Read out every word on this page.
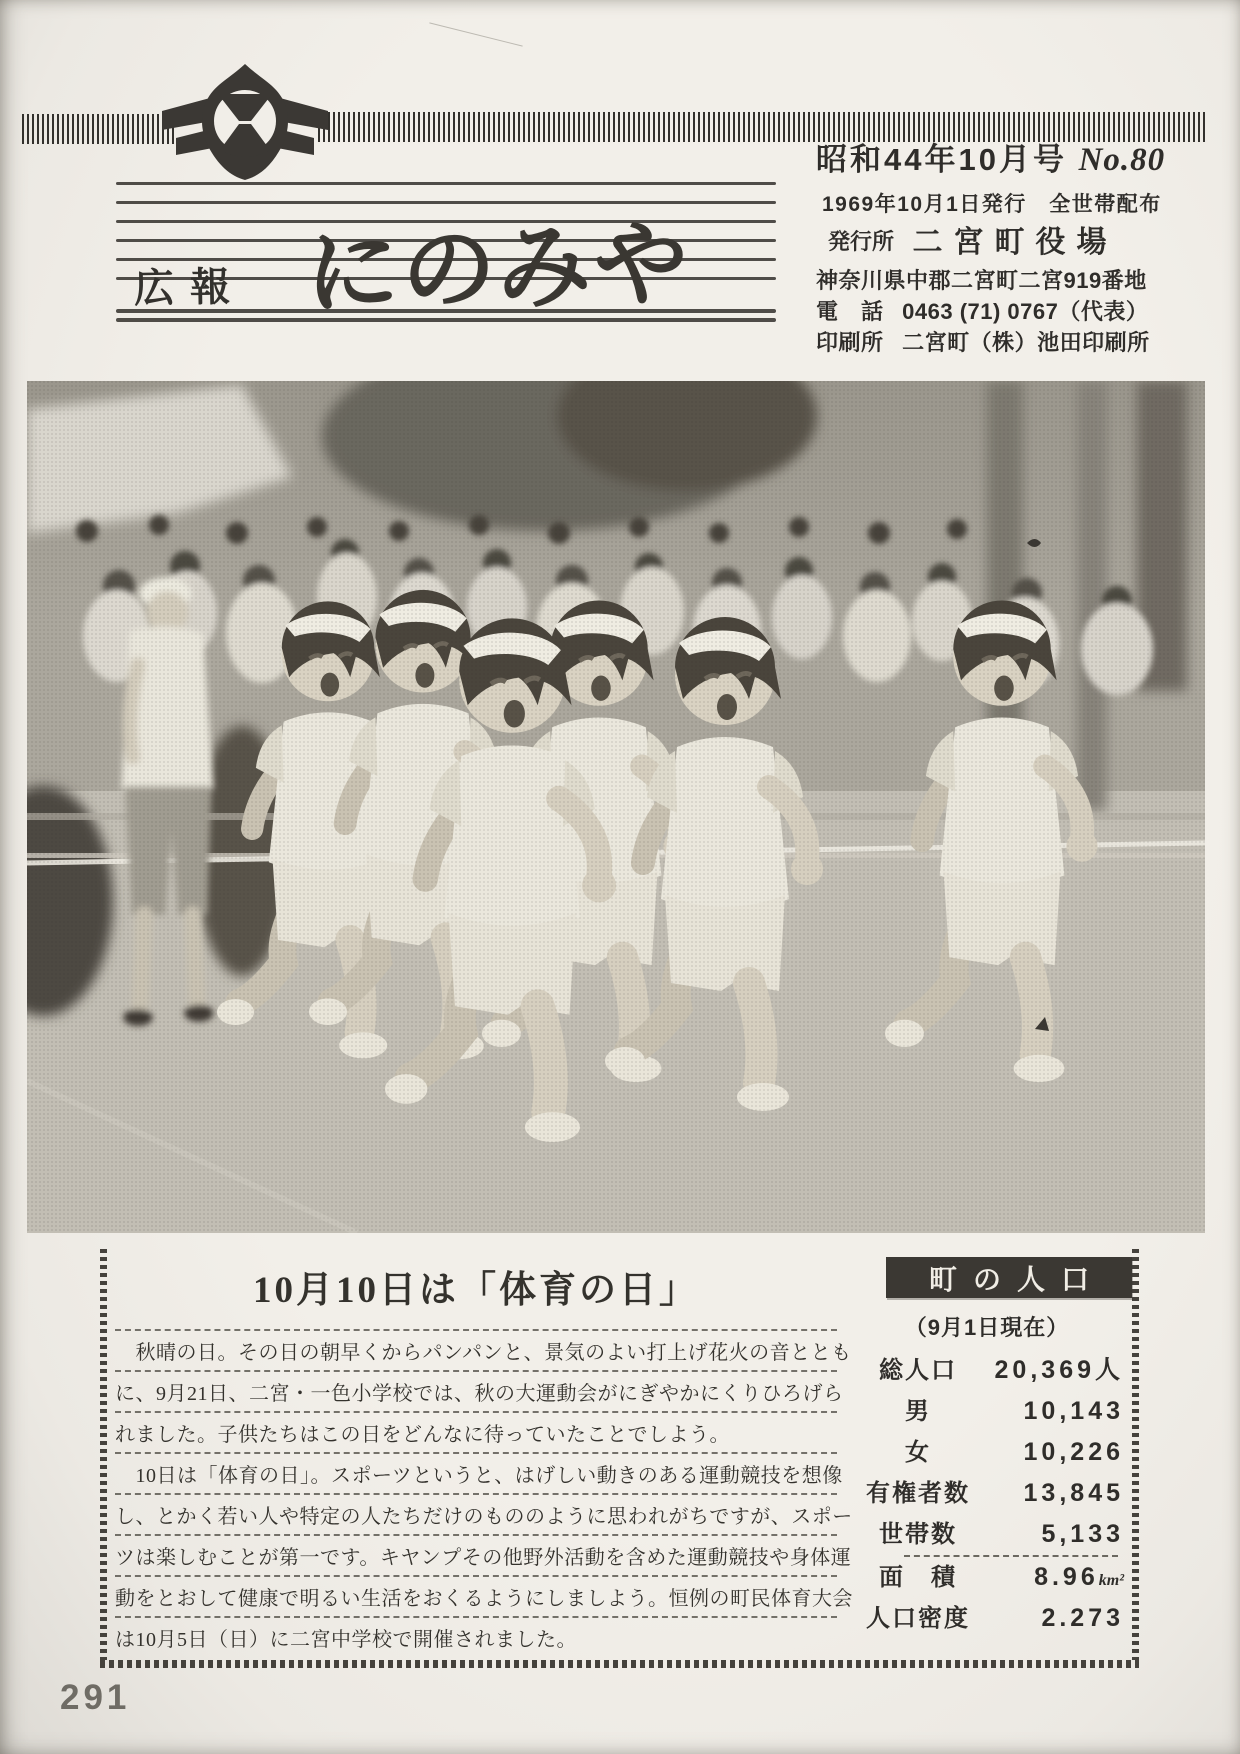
広報 にのみや
昭和44年10月号 No.80
1969年10月1日発行　全世帯配布
発行所 二宮町役場
神奈川県中郡二宮町二宮919番地
電　話 0463 (71) 0767（代表）
印刷所 二宮町（株）池田印刷所
10月10日は「体育の日」
　秋晴の日。その日の朝早くからパンパンと、景気のよい打上げ花火の音ととも
に、9月21日、二宮・一色小学校では、秋の大運動会がにぎやかにくりひろげら
れました。子供たちはこの日をどんなに待っていたことでしよう。
　10日は「体育の日」。スポーツというと、はげしい動きのある運動競技を想像
し、とかく若い人や特定の人たちだけのもののように思われがちですが、スポー
ツは楽しむことが第一です。キヤンプその他野外活動を含めた運動競技や身体運
動をとおして健康で明るい生活をおくるようにしましよう。恒例の町民体育大会
は10月5日（日）に二宮中学校で開催されました。
町の人口
（9月1日現在）
総人口	20,369人
男	10,143
女	10,226
有権者数	13,845
世帯数	5,133
面　積	8.96km²
人口密度	2.273
291
